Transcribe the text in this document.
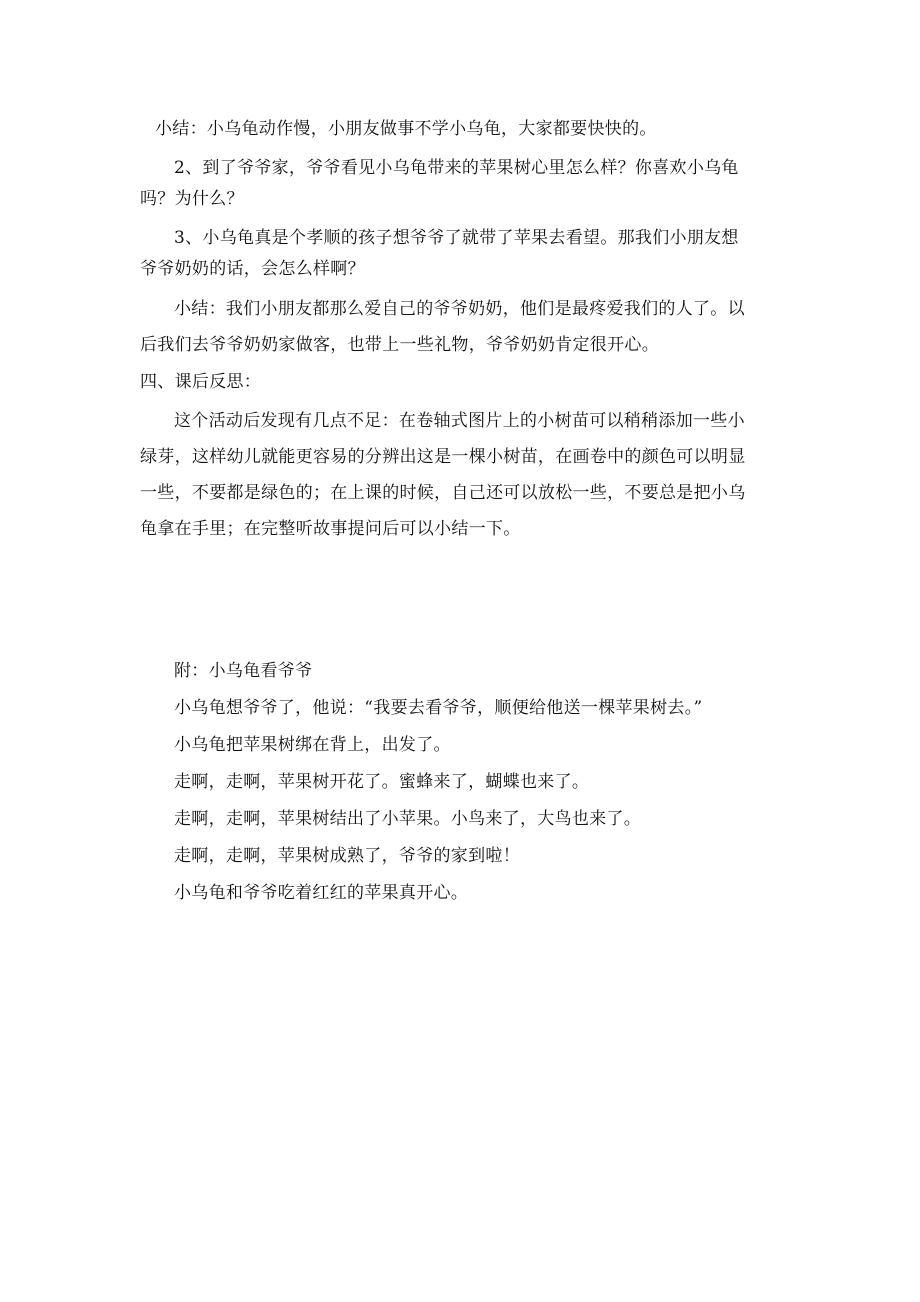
小结：小乌龟动作慢，小朋友做事不学小乌龟，大家都要快快的。
2、到了爷爷家，爷爷看见小乌龟带来的苹果树心里怎么样？你喜欢小乌龟
吗？为什么？
3、小乌龟真是个孝顺的孩子想爷爷了就带了苹果去看望。那我们小朋友想
爷爷奶奶的话，会怎么样啊？
小结：我们小朋友都那么爱自己的爷爷奶奶，他们是最疼爱我们的人了。以
后我们去爷爷奶奶家做客，也带上一些礼物，爷爷奶奶肯定很开心。
四、课后反思：
这个活动后发现有几点不足：在卷轴式图片上的小树苗可以稍稍添加一些小
绿芽，这样幼儿就能更容易的分辨出这是一棵小树苗，在画卷中的颜色可以明显
一些，不要都是绿色的；在上课的时候，自己还可以放松一些，不要总是把小乌
龟拿在手里；在完整听故事提问后可以小结一下。
附：小乌龟看爷爷
小乌龟想爷爷了，他说：“我要去看爷爷，顺便给他送一棵苹果树去。”
小乌龟把苹果树绑在背上，出发了。
走啊，走啊，苹果树开花了。蜜蜂来了，蝴蝶也来了。
走啊，走啊，苹果树结出了小苹果。小鸟来了，大鸟也来了。
走啊，走啊，苹果树成熟了，爷爷的家到啦！
小乌龟和爷爷吃着红红的苹果真开心。
